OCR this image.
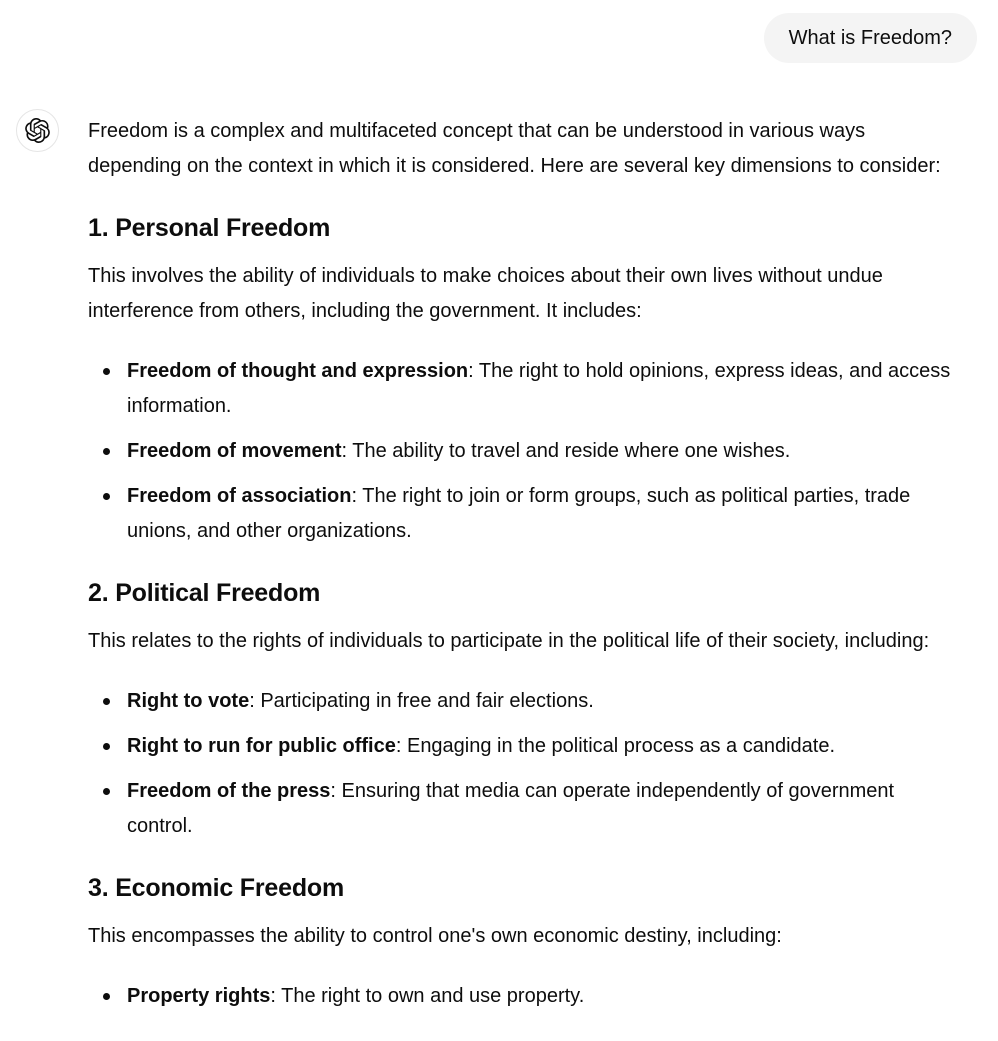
What is Freedom?

Freedom is a complex and multifaceted concept that can be understood in various ways depending on the context in which it is considered. Here are several key dimensions to consider:

1. Personal Freedom

This involves the ability of individuals to make choices about their own lives without undue interference from others, including the government. It includes:

Freedom of thought and expression: The right to hold opinions, express ideas, and access information.
Freedom of movement: The ability to travel and reside where one wishes.
Freedom of association: The right to join or form groups, such as political parties, trade unions, and other organizations.
2. Political Freedom

This relates to the rights of individuals to participate in the political life of their society, including:

Right to vote: Participating in free and fair elections.
Right to run for public office: Engaging in the political process as a candidate.
Freedom of the press: Ensuring that media can operate independently of government control.
3. Economic Freedom

This encompasses the ability to control one's own economic destiny, including:

Property rights: The right to own and use property.
